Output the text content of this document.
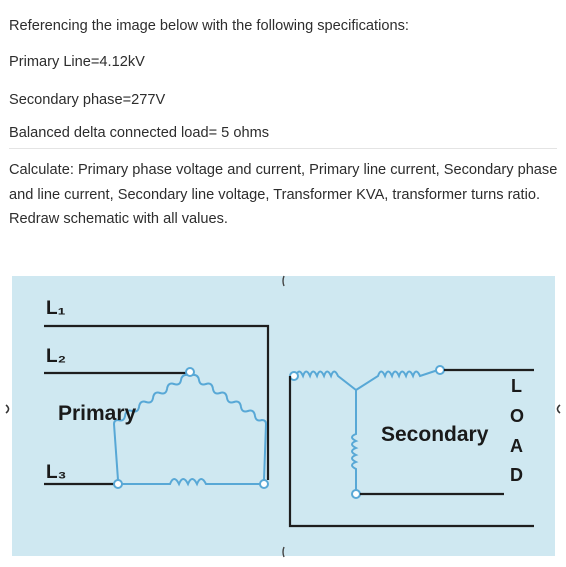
Referencing the image below with the following specifications:

Primary Line=4.12kV

Secondary phase=277V

Balanced delta connected load= 5 ohms

Calculate: Primary phase voltage and current, Primary line current, Secondary phase and line current, Secondary line voltage, Transformer KVA, transformer turns ratio. Redraw schematic with all values.

L₁
L₂
L₃
Primary
Secondary
L
O
A
D
